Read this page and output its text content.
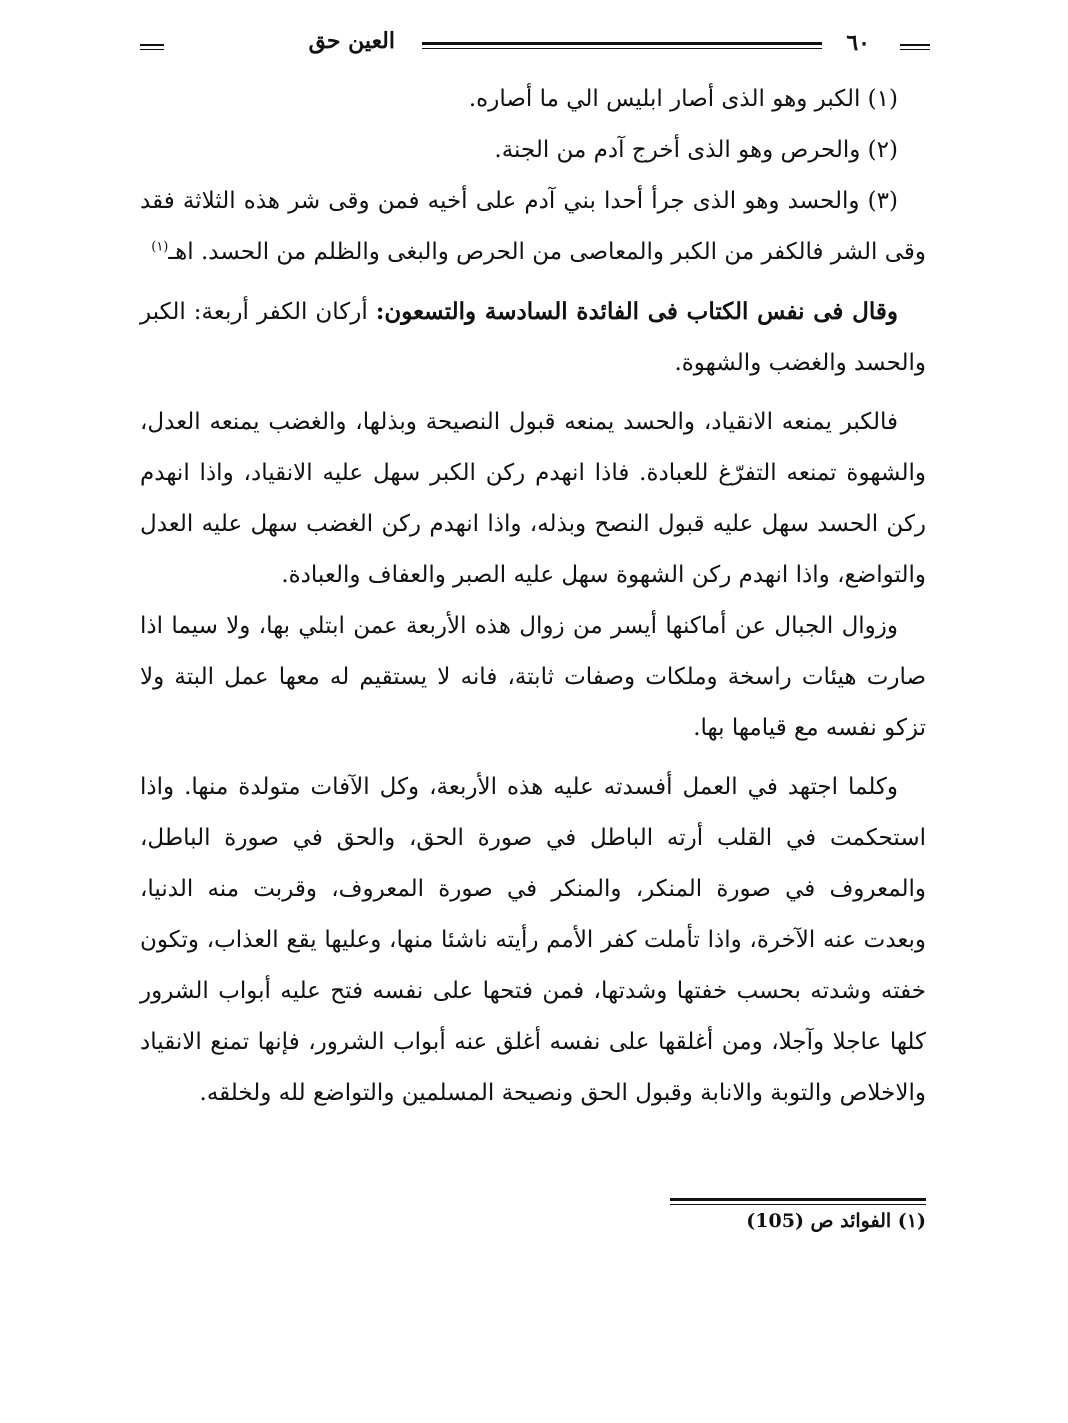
٦٠
العين حق

(١) الكبر وهو الذى أصار ابليس الي ما أصاره.

(٢) والحرص وهو الذى أخرج آدم من الجنة.

(٣) والحسد وهو الذى جرأ أحدا بني آدم على أخيه فمن وقى شر هذه الثلاثة فقد وقى الشر فالكفر من الكبر والمعاصى من الحرص والبغى والظلم من الحسد. اهـ$^{(١)}$

وقال فى نفس الكتاب فى الفائدة السادسة والتسعون: أركان الكفر أربعة: الكبر والحسد والغضب والشهوة.

فالكبر يمنعه الانقياد، والحسد يمنعه قبول النصيحة وبذلها، والغضب يمنعه العدل، والشهوة تمنعه التفرّغ للعبادة. فاذا انهدم ركن الكبر سهل عليه الانقياد، واذا انهدم ركن الحسد سهل عليه قبول النصح وبذله، واذا انهدم ركن الغضب سهل عليه العدل والتواضع، واذا انهدم ركن الشهوة سهل عليه الصبر والعفاف والعبادة.

وزوال الجبال عن أماكنها أيسر من زوال هذه الأربعة عمن ابتلي بها، ولا سيما اذا صارت هيئات راسخة وملكات وصفات ثابتة، فانه لا يستقيم له معها عمل البتة ولا تزكو نفسه مع قيامها بها.

وكلما اجتهد في العمل أفسدته عليه هذه الأربعة، وكل الآفات متولدة منها. واذا استحكمت في القلب أرته الباطل في صورة الحق، والحق في صورة الباطل، والمعروف في صورة المنكر، والمنكر في صورة المعروف، وقربت منه الدنيا، وبعدت عنه الآخرة، واذا تأملت كفر الأمم رأيته ناشئا منها، وعليها يقع العذاب، وتكون خفته وشدته بحسب خفتها وشدتها، فمن فتحها على نفسه فتح عليه أبواب الشرور كلها عاجلا وآجلا، ومن أغلقها على نفسه أغلق عنه أبواب الشرور، فإنها تمنع الانقياد والاخلاص والتوبة والانابة وقبول الحق ونصيحة المسلمين والتواضع لله ولخلقه.

(١) الفوائد ص (105)
